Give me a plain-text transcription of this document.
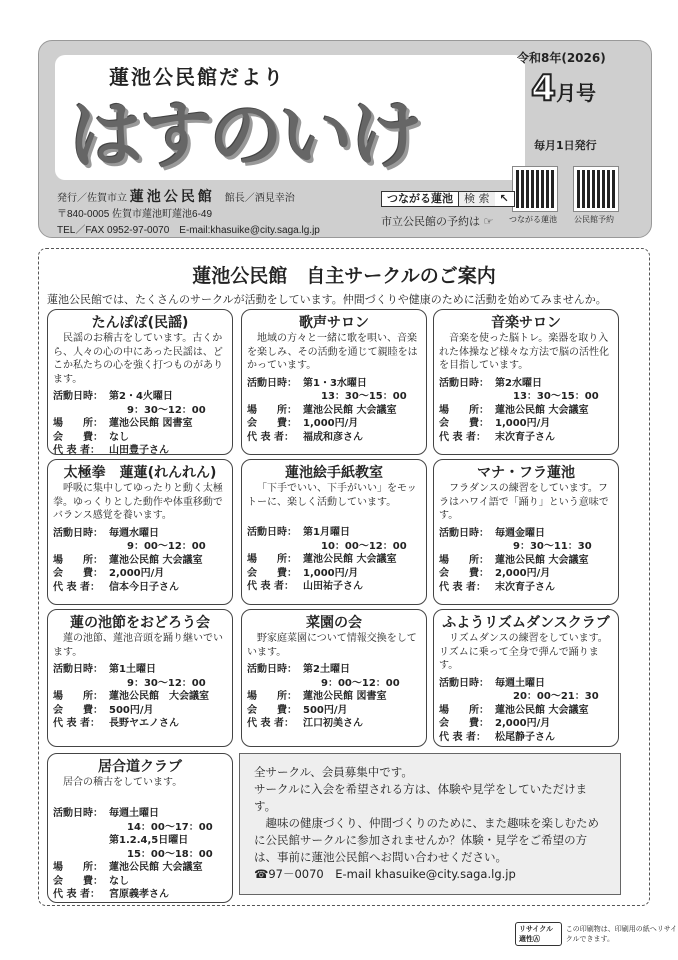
蓮池公民館だより
はすのいけ
令和8年(2026)
4月号
毎月1日発行
つながる蓮池 公民館予約
発行／佐賀市立 蓮池公民館　 館長／酒見幸治
〒840-0005 佐賀市蓮池町蓮池6-49
TEL／FAX 0952-97-0070　E-mail:khasuike@city.saga.lg.jp
つながる蓮池	検 索 ↖
市立公民館の予約は ☞
蓮池公民館　自主サークルのご案内
蓮池公民館では、たくさんのサークルが活動をしています。仲間づくりや健康のために活動を始めてみませんか。
たんぽぽ(民謡)
民謡のお稽古をしています。古くから、人々の心の中にあった民謡は、どこか私たちの心を強く打つものがあります。
活動日時： 第2・4火曜日
9：30～12：00
場　　所： 蓮池公民館 図書室
会　　費： なし
代 表 者： 山田豊子さん
歌声サロン
地域の方々と一緒に歌を唄い、音楽を楽しみ、その活動を通じて親睦をはかっています。
活動日時： 第1・3水曜日
13：30～15：00
場　　所： 蓮池公民館 大会議室
会　　費： 1,000円/月
代 表 者： 福成和彦さん
音楽サロン
音楽を使った脳トレ。楽器を取り入れた体操など様々な方法で脳の活性化を目指しています。
活動日時： 第2水曜日
13：30～15：00
場　　所： 蓮池公民館 大会議室
会　　費： 1,000円/月
代 表 者： 末次育子さん
太極拳　蓮蓮(れんれん)
呼吸に集中してゆったりと動く太極拳。ゆっくりとした動作や体重移動でバランス感覚を養います。
活動日時： 毎週水曜日
9：00～12：00
場　　所： 蓮池公民館 大会議室
会　　費： 2,000円/月
代 表 者： 信本今日子さん
蓮池絵手紙教室
「下手でいい、下手がいい」をモットーに、楽しく活動しています。
活動日時： 第1月曜日
10：00～12：00
場　　所： 蓮池公民館 大会議室
会　　費： 1,000円/月
代 表 者： 山田祐子さん
マナ・フラ蓮池
フラダンスの練習をしています。フラはハワイ語で「踊り」という意味です。
活動日時： 毎週金曜日
9：30～11：30
場　　所： 蓮池公民館 大会議室
会　　費： 2,000円/月
代 表 者： 末次育子さん
蓮の池節をおどろう会
蓮の池節、蓮池音頭を踊り継いでいます。
活動日時： 第1土曜日
9：30～12：00
場　　所： 蓮池公民館　大会議室
会　　費： 500円/月
代 表 者： 長野ヤエノさん
菜園の会
野家庭菜園について情報交換をしています。
活動日時： 第2土曜日
9：00～12：00
場　　所： 蓮池公民館 図書室
会　　費： 500円/月
代 表 者： 江口初美さん
ふようリズムダンスクラブ
リズムダンスの練習をしています。リズムに乗って全身で弾んで踊ります。
活動日時： 毎週土曜日
20：00～21：30
場　　所： 蓮池公民館 大会議室
会　　費： 2,000円/月
代 表 者： 松尾静子さん
居合道クラブ
居合の稽古をしています。
活動日時： 毎週土曜日
14：00～17：00
第1.2.4,5日曜日
15：00～18：00
場　　所： 蓮池公民館 大会議室
会　　費： なし
代 表 者： 宮原義孝さん
全サークル、会員募集中です。
サークルに入会を希望される方は、体験や見学をしていただけます。
趣味の健康づくり、仲間づくりのために、また趣味を楽しむために公民館サークルに参加されませんか？体験・見学をご希望の方は、事前に蓮池公民館へお問い合わせください。
☎97－0070　E-mail khasuike@city.saga.lg.jp
リサイクル適性Ⓐ
この印刷物は、印刷用の紙へリサイクルできます。
